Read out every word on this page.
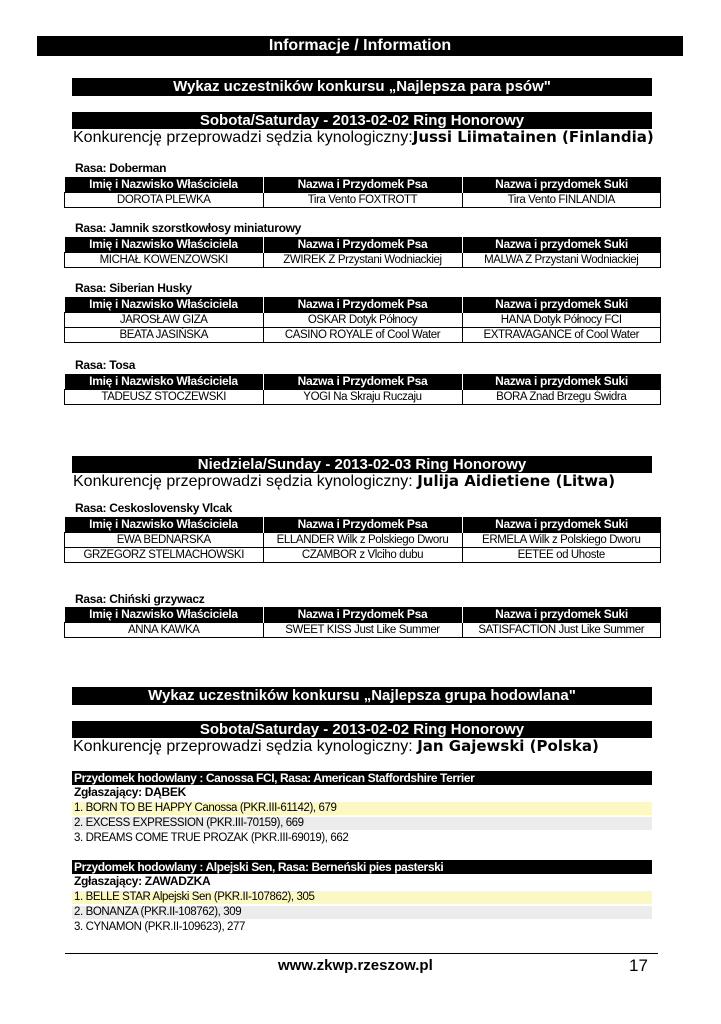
Informacje / Information
Wykaz uczestników konkursu „Najlepsza para psów"
Sobota/Saturday - 2013-02-02 Ring Honorowy
Konkurencję przeprowadzi sędzia kynologiczny:Jussi Liimatainen (Finlandia)
Rasa: Doberman
Imię i Nazwisko Właściciela	Nazwa i Przydomek Psa	Nazwa i przydomek Suki
DOROTA PLEWKA	Tira Vento FOXTROTT	Tira Vento FINLANDIA
Rasa: Jamnik szorstkowłosy miniaturowy
Imię i Nazwisko Właściciela	Nazwa i Przydomek Psa	Nazwa i przydomek Suki
MICHAŁ KOWENZOWSKI	ZWIREK Z Przystani Wodniackiej	MALWA Z Przystani Wodniackiej
Rasa: Siberian Husky
Imię i Nazwisko Właściciela	Nazwa i Przydomek Psa	Nazwa i przydomek Suki
JAROSŁAW GIZA	OSKAR Dotyk Północy	HANA Dotyk Północy FCI
BEATA JASIŃSKA	CASINO ROYALE of Cool Water	EXTRAVAGANCE of Cool Water
Rasa: Tosa
Imię i Nazwisko Właściciela	Nazwa i Przydomek Psa	Nazwa i przydomek Suki
TADEUSZ STOCZEWSKI	YOGI Na Skraju Ruczaju	BORA Znad Brzegu Świdra
Niedziela/Sunday - 2013-02-03 Ring Honorowy
Konkurencję przeprowadzi sędzia kynologiczny: Julija Aidietiene (Litwa)
Rasa: Ceskoslovensky Vlcak
Imię i Nazwisko Właściciela	Nazwa i Przydomek Psa	Nazwa i przydomek Suki
EWA BEDNARSKA	ELLANDER Wilk z Polskiego Dworu	ERMELA Wilk z Polskiego Dworu
GRZEGORZ STELMACHOWSKI	CZAMBOR z Vlciho dubu	EETEE od Uhoste
Rasa: Chiński grzywacz
Imię i Nazwisko Właściciela	Nazwa i Przydomek Psa	Nazwa i przydomek Suki
ANNA KAWKA	SWEET KISS Just Like Summer	SATISFACTION Just Like Summer
Wykaz uczestników konkursu „Najlepsza grupa hodowlana"
Sobota/Saturday - 2013-02-02 Ring Honorowy
Konkurencję przeprowadzi sędzia kynologiczny: Jan Gajewski (Polska)
Przydomek hodowlany : Canossa FCI, Rasa: American Staffordshire Terrier
Zgłaszający: DĄBEK
1. BORN TO BE HAPPY Canossa (PKR.III-61142), 679
2. EXCESS EXPRESSION (PKR.III-70159), 669
3. DREAMS COME TRUE PROZAK (PKR.III-69019), 662
Przydomek hodowlany : Alpejski Sen, Rasa: Berneński pies pasterski
Zgłaszający: ZAWADZKA
1. BELLE STAR Alpejski Sen (PKR.II-107862), 305
2. BONANZA (PKR.II-108762), 309
3. CYNAMON (PKR.II-109623), 277
www.zkwp.rzeszow.pl	17
